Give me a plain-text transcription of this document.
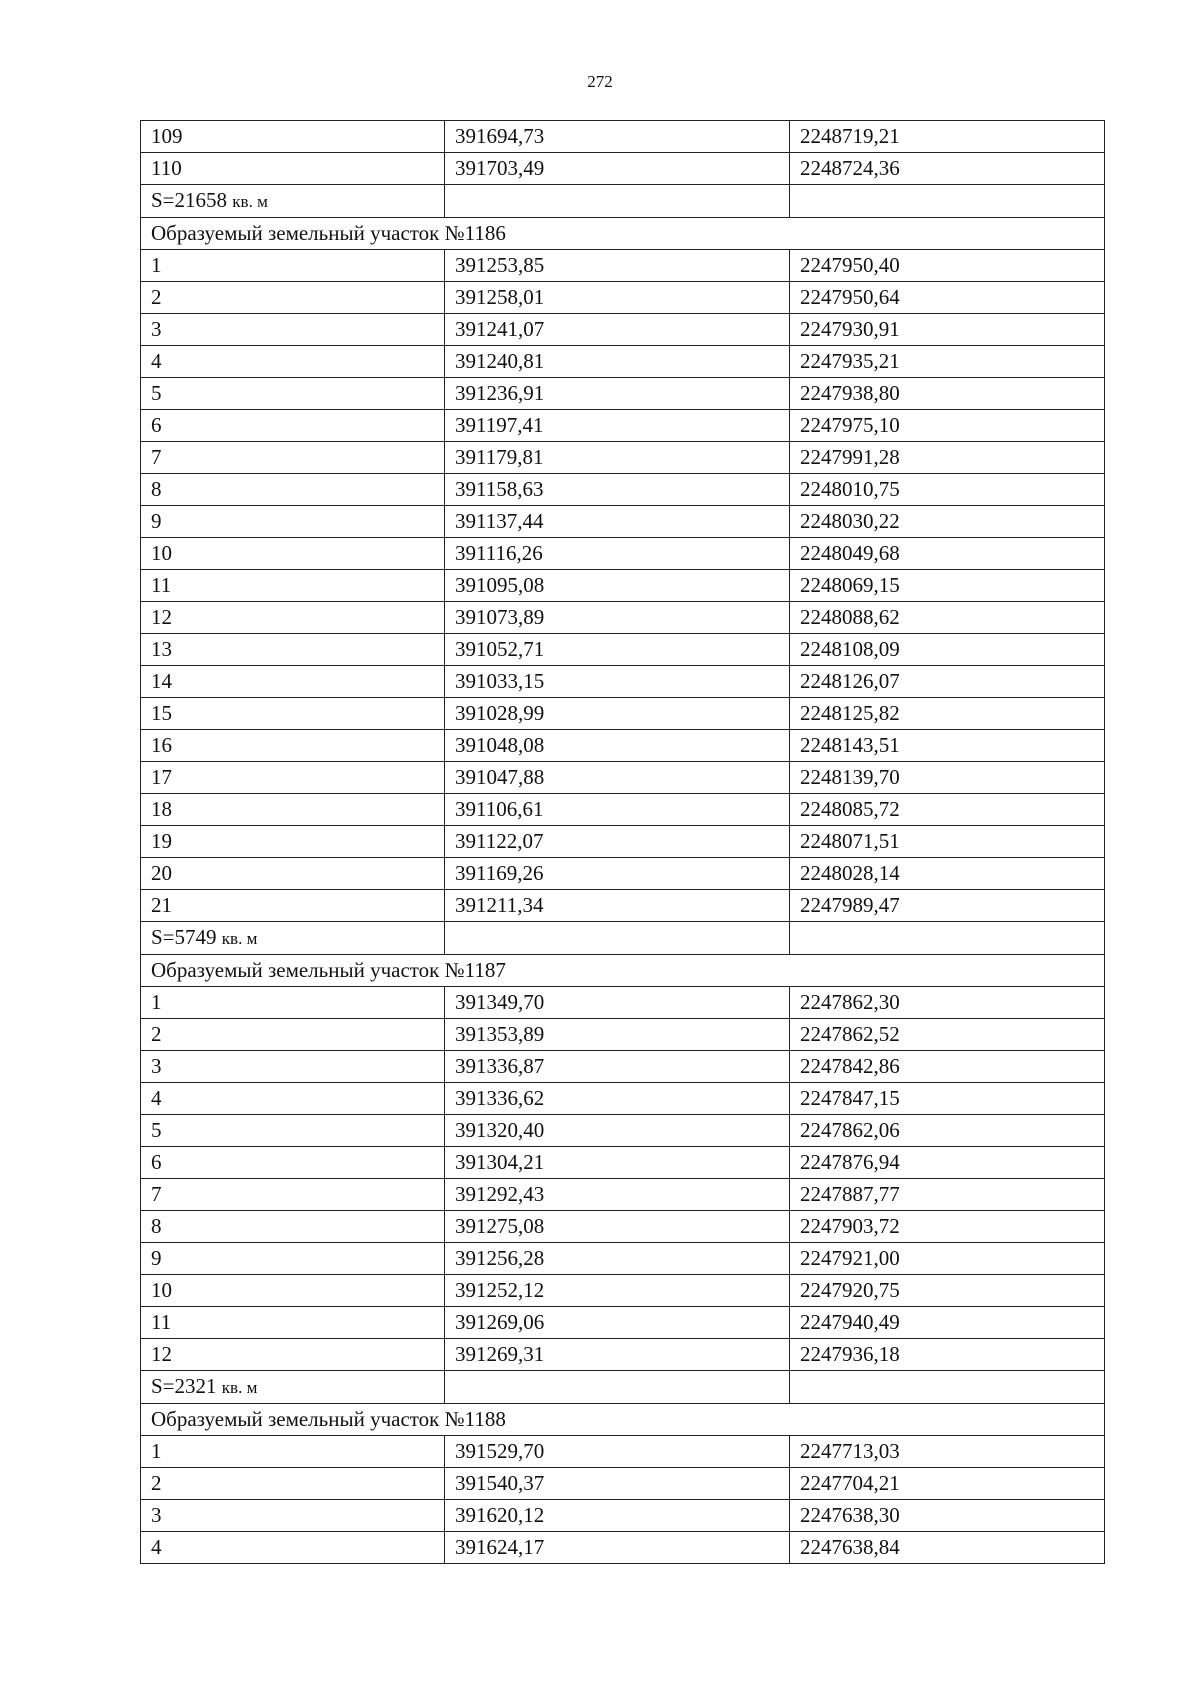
272
109	391694,73	2248719,21
110	391703,49	2248724,36
S=21658 кв. м		
Образуемый земельный участок №1186		
1	391253,85	2247950,40
2	391258,01	2247950,64
3	391241,07	2247930,91
4	391240,81	2247935,21
5	391236,91	2247938,80
6	391197,41	2247975,10
7	391179,81	2247991,28
8	391158,63	2248010,75
9	391137,44	2248030,22
10	391116,26	2248049,68
11	391095,08	2248069,15
12	391073,89	2248088,62
13	391052,71	2248108,09
14	391033,15	2248126,07
15	391028,99	2248125,82
16	391048,08	2248143,51
17	391047,88	2248139,70
18	391106,61	2248085,72
19	391122,07	2248071,51
20	391169,26	2248028,14
21	391211,34	2247989,47
S=5749 кв. м		
Образуемый земельный участок №1187		
1	391349,70	2247862,30
2	391353,89	2247862,52
3	391336,87	2247842,86
4	391336,62	2247847,15
5	391320,40	2247862,06
6	391304,21	2247876,94
7	391292,43	2247887,77
8	391275,08	2247903,72
9	391256,28	2247921,00
10	391252,12	2247920,75
11	391269,06	2247940,49
12	391269,31	2247936,18
S=2321 кв. м		
Образуемый земельный участок №1188		
1	391529,70	2247713,03
2	391540,37	2247704,21
3	391620,12	2247638,30
4	391624,17	2247638,84
